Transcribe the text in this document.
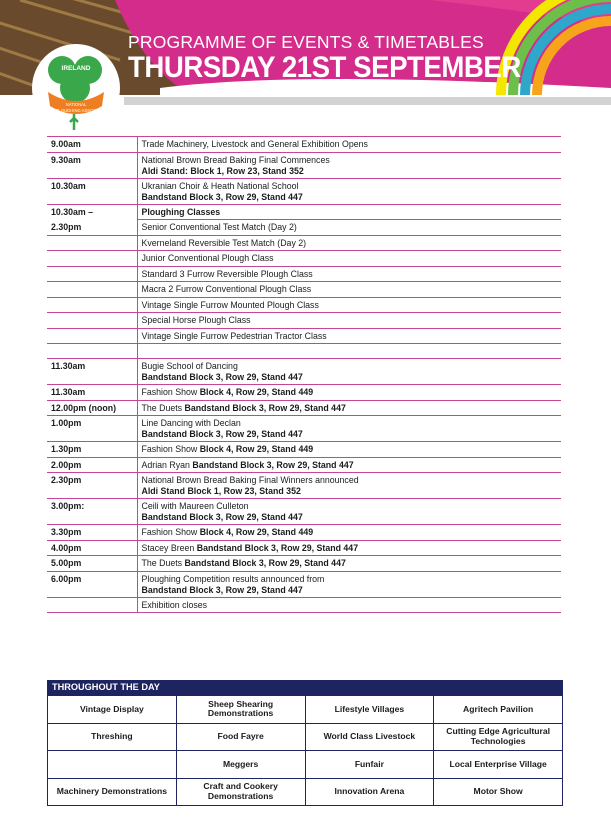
PROGRAMME OF EVENTS & TIMETABLES
THURSDAY 21ST SEPTEMBER
IRELAND
NATIONAL
PLOUGHING ASSOC
9.00am	Trade Machinery, Livestock and General Exhibition Opens
9.30am	National Brown Bread Baking Final Commences
Aldi Stand: Block 1, Row 23, Stand 352
10.30am	Ukranian Choir & Heath National School
Bandstand Block 3, Row 29, Stand 447
10.30am –	Ploughing Classes
2.30pm	Senior Conventional Test Match (Day 2)
	Kverneland Reversible Test Match (Day 2)
	Junior Conventional Plough Class
	Standard 3 Furrow Reversible Plough Class
	Macra 2 Furrow Conventional Plough Class
	Vintage Single Furrow Mounted Plough Class
	Special Horse Plough Class
	Vintage Single Furrow Pedestrian Tractor Class

11.30am	Bugie School of Dancing
Bandstand Block 3, Row 29, Stand 447
11.30am	Fashion Show Block 4, Row 29, Stand 449
12.00pm (noon)	The Duets Bandstand Block 3, Row 29, Stand 447
1.00pm	Line Dancing with Declan
Bandstand Block 3, Row 29, Stand 447
1.30pm	Fashion Show Block 4, Row 29, Stand 449
2.00pm	Adrian Ryan Bandstand Block 3, Row 29, Stand 447
2.30pm	National Brown Bread Baking Final Winners announced
Aldi Stand Block 1, Row 23, Stand 352
3.00pm:	Ceili with Maureen Culleton
Bandstand Block 3, Row 29, Stand 447
3.30pm	Fashion Show Block 4, Row 29, Stand 449
4.00pm	Stacey Breen Bandstand Block 3, Row 29, Stand 447
5.00pm	The Duets Bandstand Block 3, Row 29, Stand 447
6.00pm	Ploughing Competition results announced from
Bandstand Block 3, Row 29, Stand 447
	Exhibition closes
THROUGHOUT THE DAY
Vintage Display	Sheep Shearing Demonstrations	Lifestyle Villages	Agritech Pavilion
Threshing	Food Fayre	World Class Livestock	Cutting Edge Agricultural Technologies
	Meggers	Funfair	Local Enterprise Village
Machinery Demonstrations	Craft and Cookery Demonstrations	Innovation Arena	Motor Show
